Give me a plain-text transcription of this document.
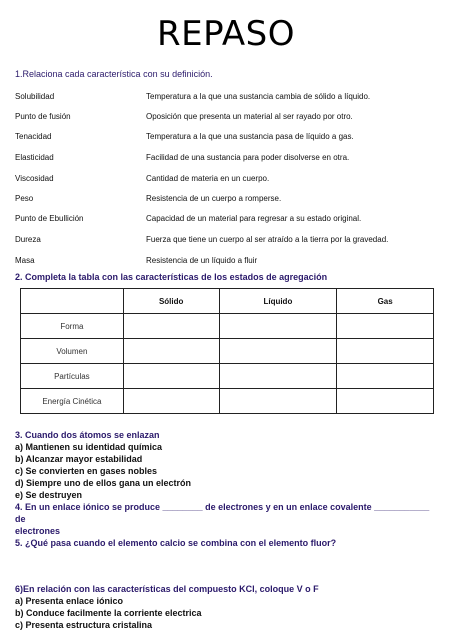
REPASO
1.Relaciona cada característica con su definición.
Solubilidad	Temperatura a la que una sustancia cambia de sólido a líquido.
Punto de fusión	Oposición que presenta un material al ser rayado por otro.
Tenacidad	Temperatura a la que una sustancia pasa de líquido a gas.
Elasticidad	Facilidad de una sustancia para poder disolverse en otra.
Viscosidad	Cantidad de materia en un cuerpo.
Peso	Resistencia de un cuerpo a romperse.
Punto de Ebullición	Capacidad de un material para regresar a su estado original.
Dureza	Fuerza que tiene un cuerpo al ser atraído a la tierra por la gravedad.
Masa	Resistencia de un líquido a fluir
2. Completa la tabla con las características de los estados de agregación
	Sólido	Líquido	Gas
Forma			
Volumen			
Partículas			
Energía Cinética			
3. Cuando dos átomos se enlazan
a) Mantienen su identidad química
b) Alcanzar mayor estabilidad
c) Se convierten en gases nobles
d) Siempre uno de ellos gana un electrón
e) Se destruyen
4. En un enlace iónico se produce ________ de electrones y en un enlace covalente ___________ de
electrones
5. ¿Qué pasa cuando el elemento calcio se combina con el elemento fluor?
6)En relación con las características del compuesto KCl, coloque V o F
a) Presenta enlace iónico
b) Conduce facilmente la corriente electrica
c) Presenta estructura cristalina
